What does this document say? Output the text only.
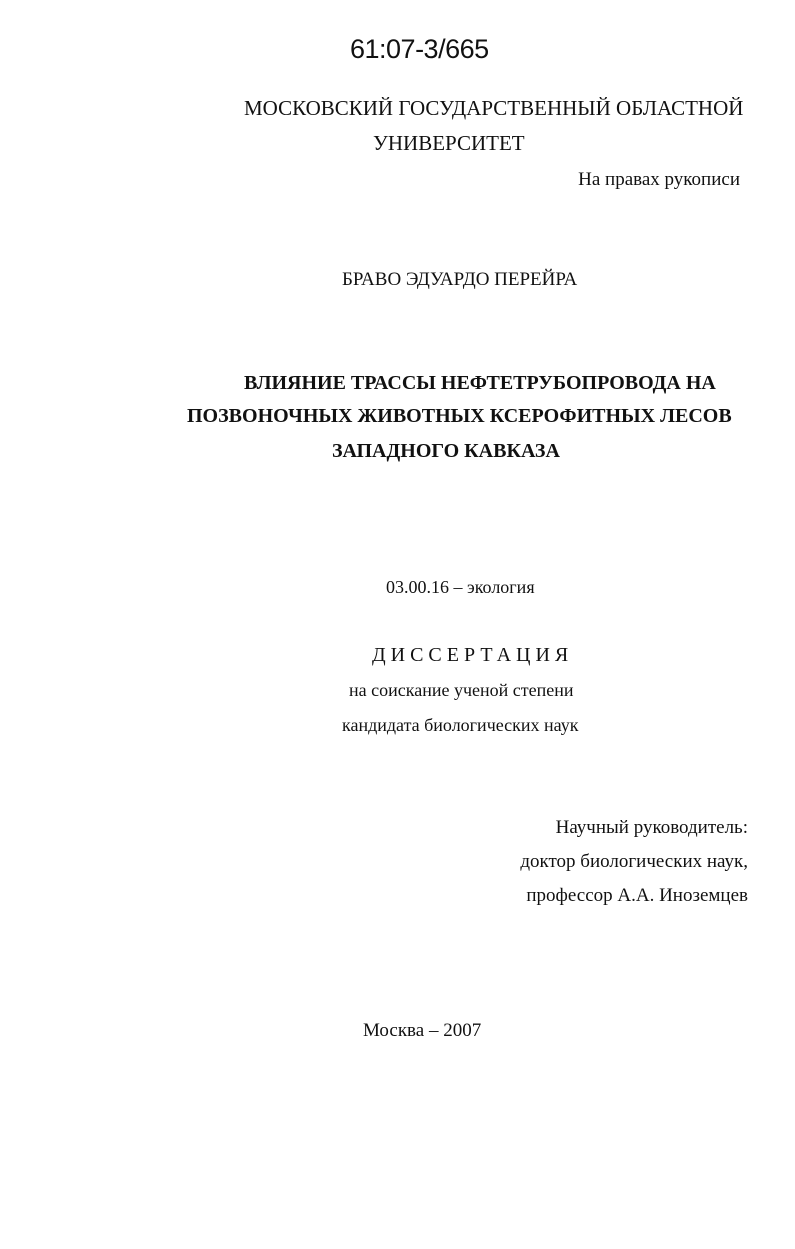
61:07-3/665
МОСКОВСКИЙ ГОСУДАРСТВЕННЫЙ ОБЛАСТНОЙ
УНИВЕРСИТЕТ
На правах рукописи
БРАВО ЭДУАРДО ПЕРЕЙРА
ВЛИЯНИЕ ТРАССЫ НЕФТЕТРУБОПРОВОДА НА
ПОЗВОНОЧНЫХ ЖИВОТНЫХ КСЕРОФИТНЫХ ЛЕСОВ
ЗАПАДНОГО КАВКАЗА
03.00.16 – экология
ДИССЕРТАЦИЯ
на соискание ученой степени
кандидата биологических наук
Научный руководитель:
доктор биологических наук,
профессор А.А. Иноземцев
Москва – 2007
